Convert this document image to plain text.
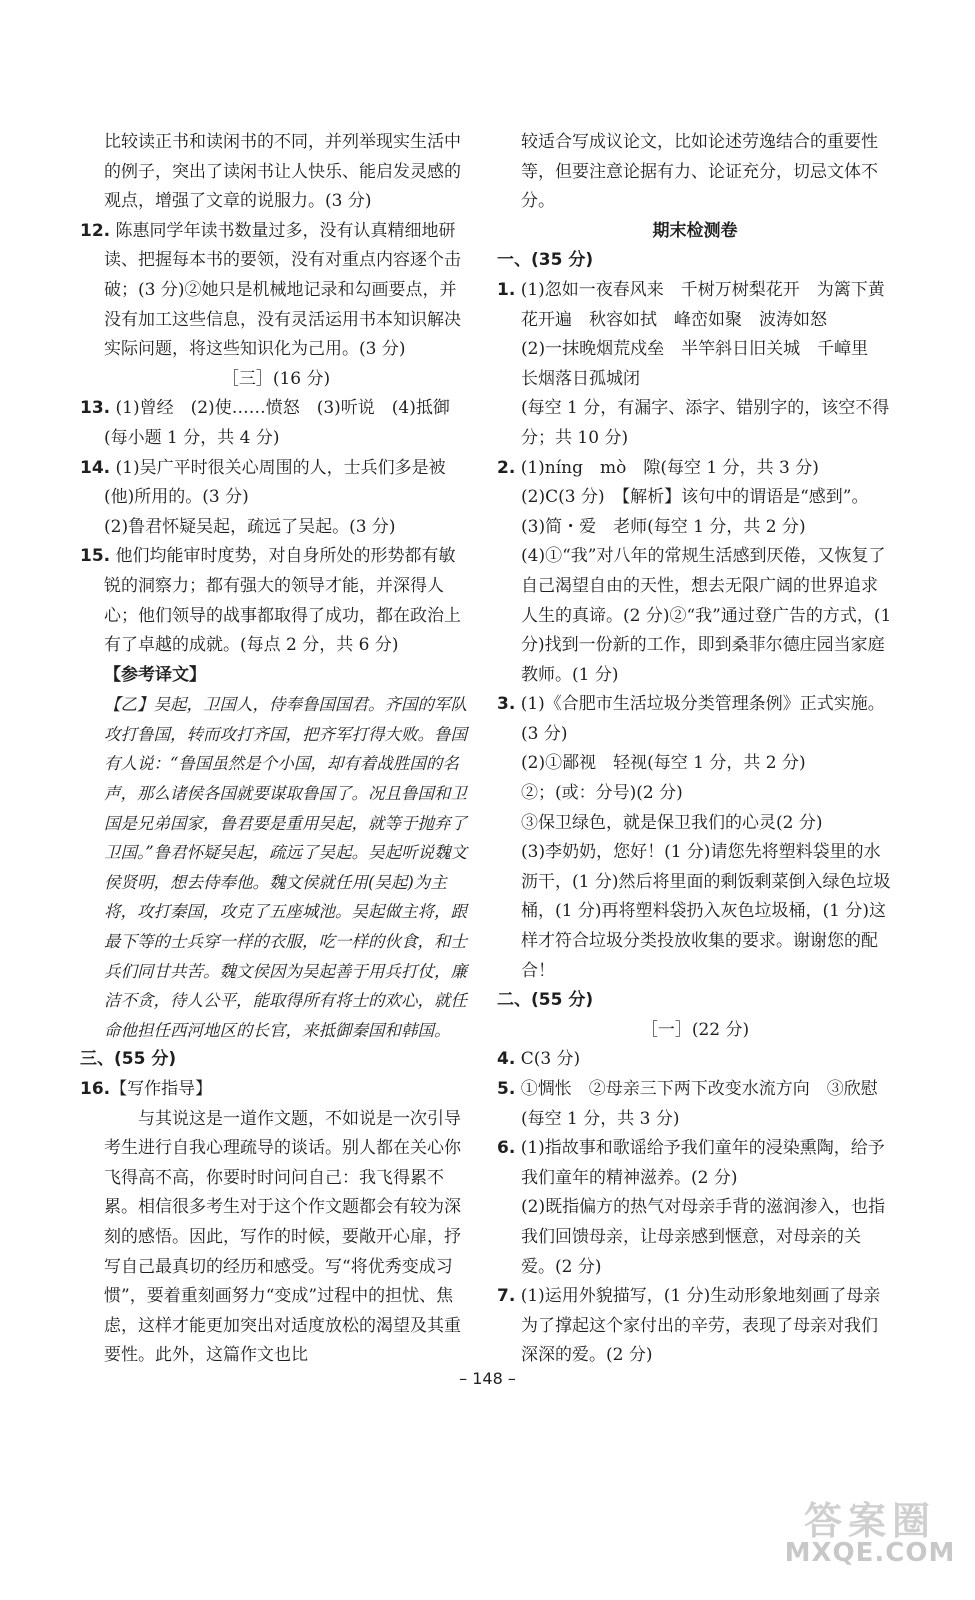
比较读正书和读闲书的不同，并列举现实生活中的例子，突出了读闲书让人快乐、能启发灵感的观点，增强了文章的说服力。(3 分)
12. 陈惠同学年读书数量过多，没有认真精细地研读、把握每本书的要领，没有对重点内容逐个击破；(3 分)②她只是机械地记录和勾画要点，并没有加工这些信息，没有灵活运用书本知识解决实际问题，将这些知识化为己用。(3 分)
［三］(16 分)
13. (1)曾经　(2)使……愤怒　(3)听说　(4)抵御(每小题 1 分，共 4 分)
14. (1)吴广平时很关心周围的人，士兵们多是被(他)所用的。(3 分)
(2)鲁君怀疑吴起，疏远了吴起。(3 分)
15. 他们均能审时度势，对自身所处的形势都有敏锐的洞察力；都有强大的领导才能，并深得人心；他们领导的战事都取得了成功，都在政治上有了卓越的成就。(每点 2 分，共 6 分)
【参考译文】
【乙】吴起，卫国人，侍奉鲁国国君。齐国的军队攻打鲁国，转而攻打齐国，把齐军打得大败。鲁国有人说：“鲁国虽然是个小国，却有着战胜国的名声，那么诸侯各国就要谋取鲁国了。况且鲁国和卫国是兄弟国家，鲁君要是重用吴起，就等于抛弃了卫国。”鲁君怀疑吴起，疏远了吴起。吴起听说魏文侯贤明，想去侍奉他。魏文侯就任用(吴起)为主将，攻打秦国，攻克了五座城池。吴起做主将，跟最下等的士兵穿一样的衣服，吃一样的伙食，和士兵们同甘共苦。魏文侯因为吴起善于用兵打仗，廉洁不贪，待人公平，能取得所有将士的欢心，就任命他担任西河地区的长官，来抵御秦国和韩国。
三、(55 分)
16.【写作指导】
与其说这是一道作文题，不如说是一次引导考生进行自我心理疏导的谈话。别人都在关心你飞得高不高，你要时时问问自己：我飞得累不累。相信很多考生对于这个作文题都会有较为深刻的感悟。因此，写作的时候，要敞开心扉，抒写自己最真切的经历和感受。写“将优秀变成习惯”，要着重刻画努力“变成”过程中的担忧、焦虑，这样才能更加突出对适度放松的渴望及其重要性。此外，这篇作文也比
较适合写成议论文，比如论述劳逸结合的重要性等，但要注意论据有力、论证充分，切忌文体不分。
期末检测卷
一、(35 分)
1. (1)忽如一夜春风来　千树万树梨花开　为篱下黄花开遍　秋容如拭　峰峦如聚　波涛如怒
(2)一抹晚烟荒戍垒　半竿斜日旧关城　千嶂里　长烟落日孤城闭
(每空 1 分，有漏字、添字、错别字的，该空不得分；共 10 分)
2. (1)níng　mò　隙(每空 1 分，共 3 分)
(2)C(3 分)　【解析】该句中的谓语是“感到”。
(3)简・爱　老师(每空 1 分，共 2 分)
(4)①“我”对八年的常规生活感到厌倦，又恢复了自己渴望自由的天性，想去无限广阔的世界追求人生的真谛。(2 分)②“我”通过登广告的方式，(1 分)找到一份新的工作，即到桑菲尔德庄园当家庭教师。(1 分)
3. (1)《合肥市生活垃圾分类管理条例》正式实施。(3 分)
(2)①鄙视　轻视(每空 1 分，共 2 分)
②；(或：分号)(2 分)
③保卫绿色，就是保卫我们的心灵(2 分)
(3)李奶奶，您好！(1 分)请您先将塑料袋里的水沥干，(1 分)然后将里面的剩饭剩菜倒入绿色垃圾桶，(1 分)再将塑料袋扔入灰色垃圾桶，(1 分)这样才符合垃圾分类投放收集的要求。谢谢您的配合！
二、(55 分)
［一］(22 分)
4. C(3 分)
5. ①惆怅　②母亲三下两下改变水流方向　③欣慰(每空 1 分，共 3 分)
6. (1)指故事和歌谣给予我们童年的浸染熏陶，给予我们童年的精神滋养。(2 分)
(2)既指偏方的热气对母亲手背的滋润渗入，也指我们回馈母亲，让母亲感到惬意，对母亲的关爱。(2 分)
7. (1)运用外貌描写，(1 分)生动形象地刻画了母亲为了撑起这个家付出的辛劳，表现了母亲对我们深深的爱。(2 分)
– 148 –
答案圈
MXQE.COM
